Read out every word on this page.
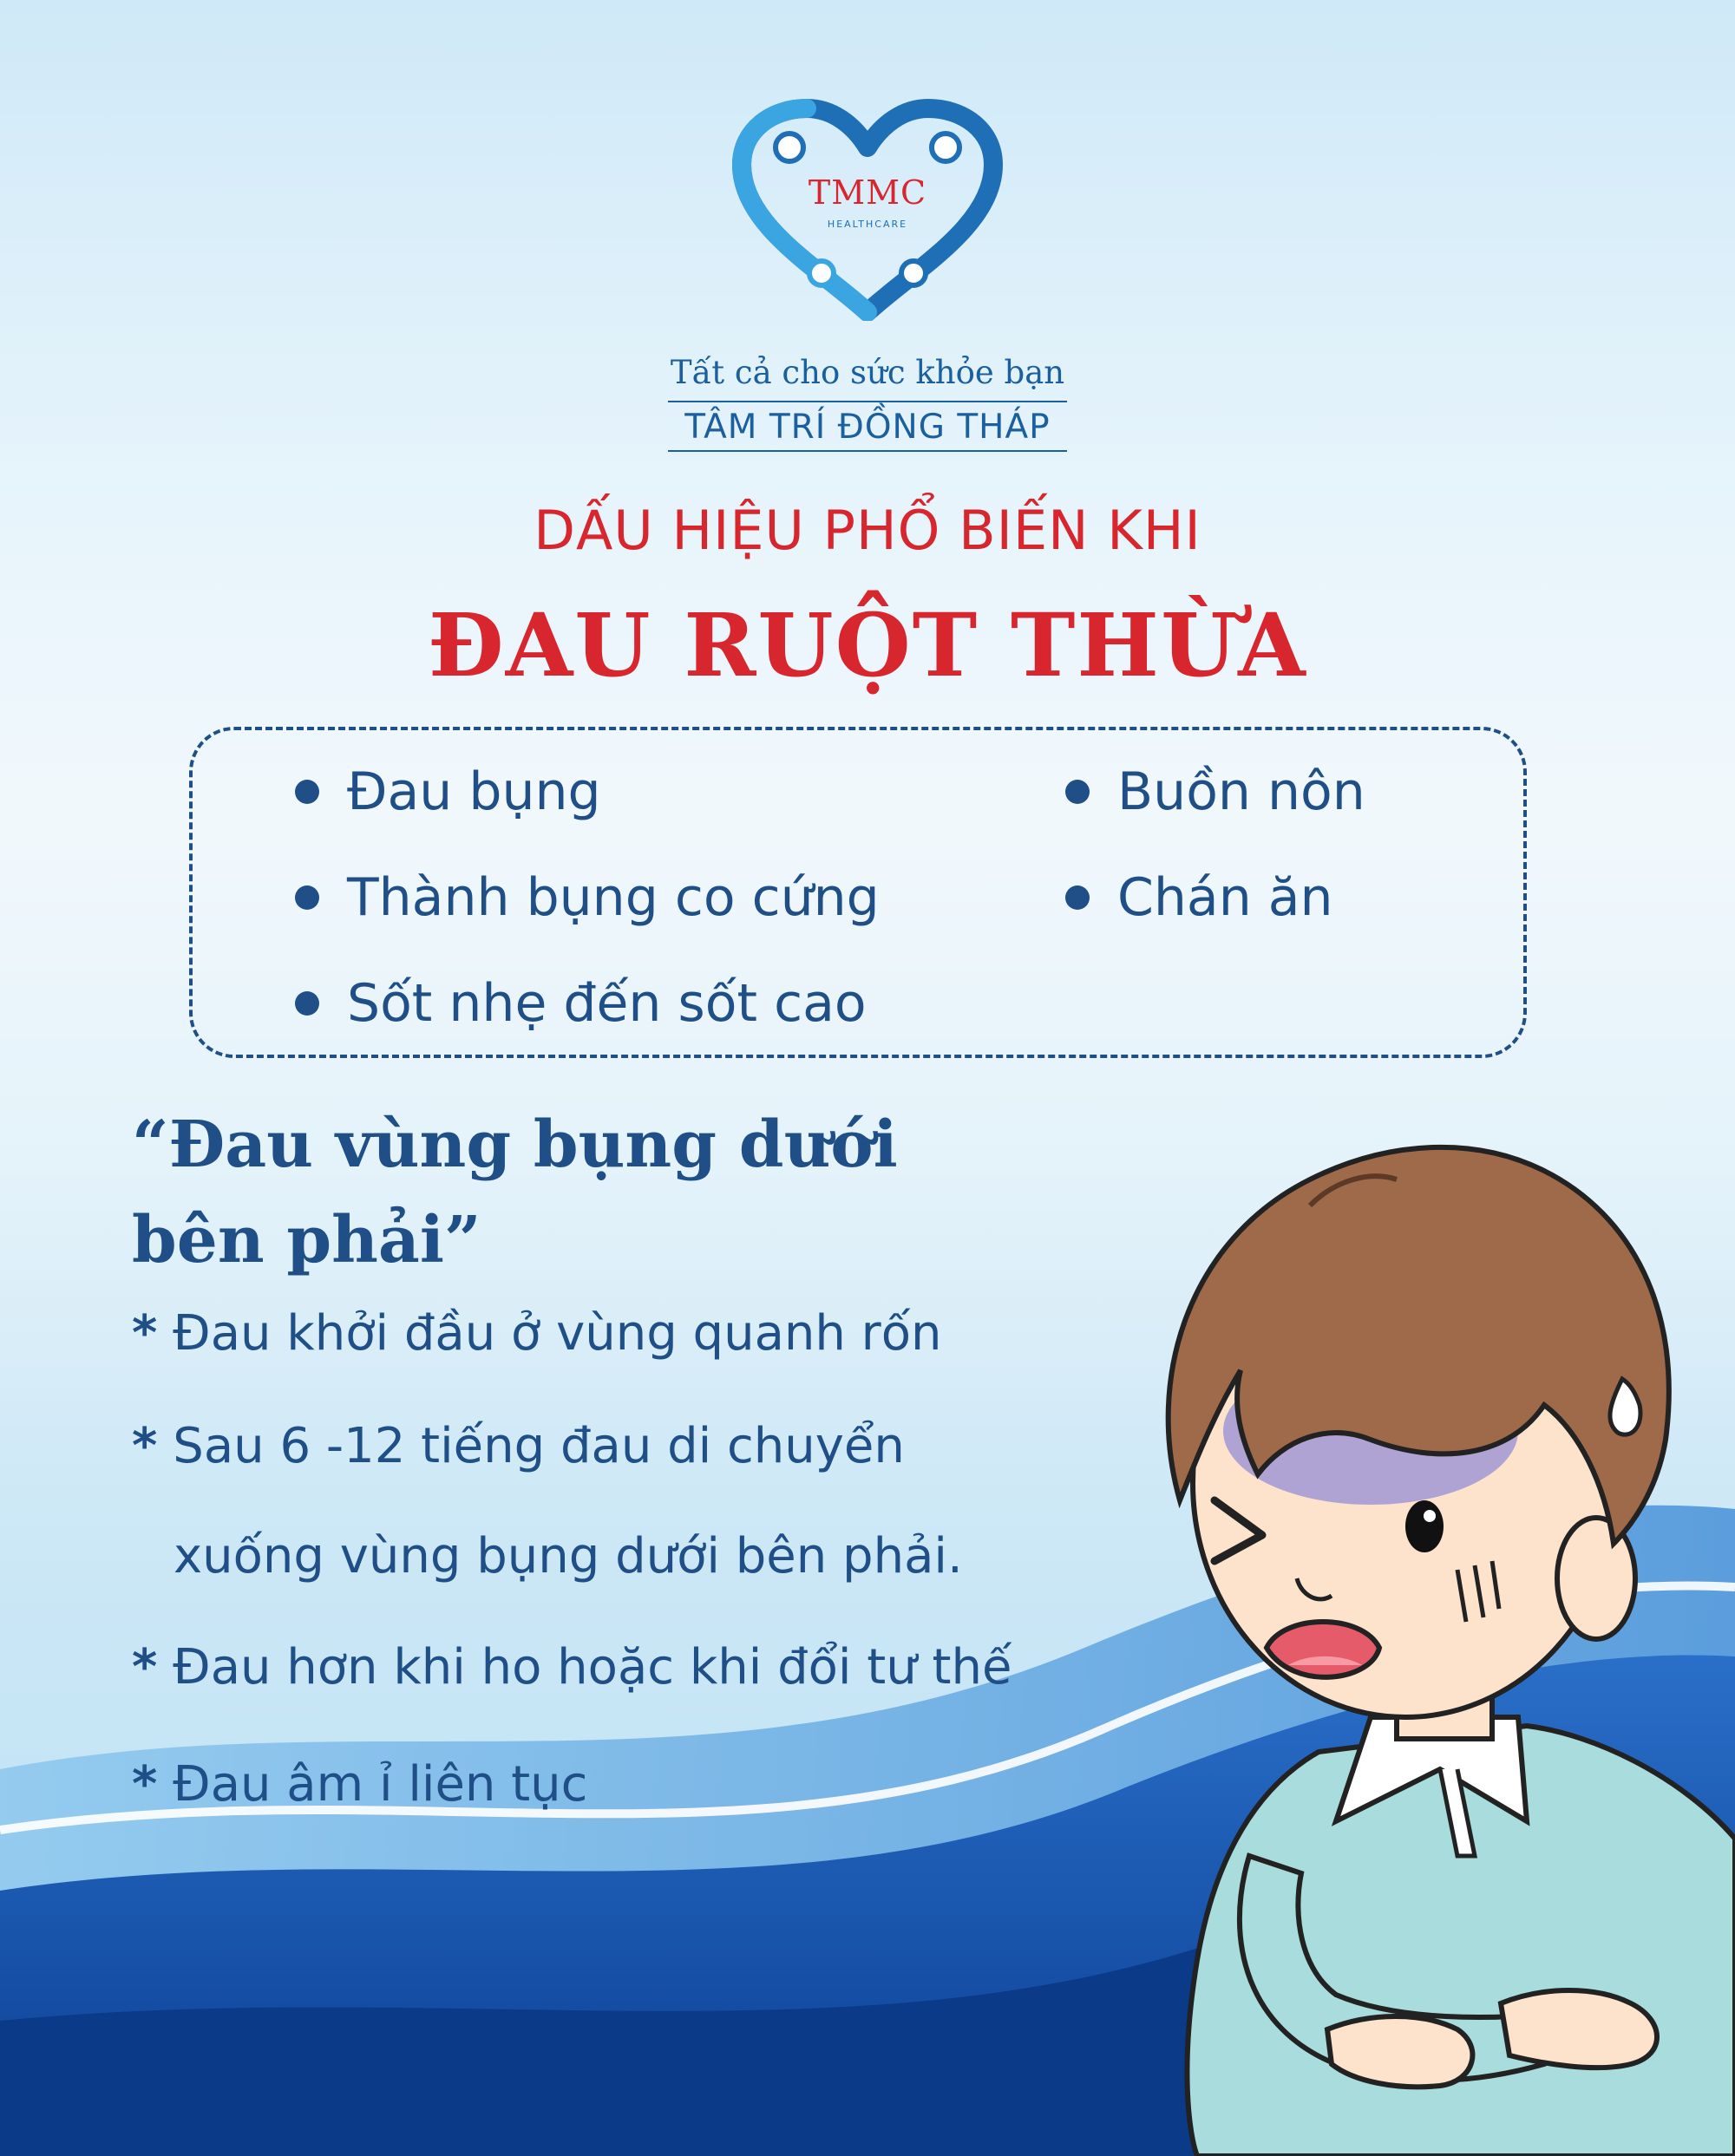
TMMC
HEALTHCARE
Tất cả cho sức khỏe bạn
TÂM TRÍ ĐỒNG THÁP
DẤU HIỆU PHỔ BIẾN KHI
ĐAU RUỘT THỪA
Đau bụng
Thành bụng co cứng
Sốt nhẹ đến sốt cao
Buồn nôn
Chán ăn
“Đau vùng bụng dưới
bên phải”
* Đau khởi đầu ở vùng quanh rốn
* Sau 6 -12 tiếng đau di chuyển
xuống vùng bụng dưới bên phải.
* Đau hơn khi ho hoặc khi đổi tư thế
* Đau âm ỉ liên tục
